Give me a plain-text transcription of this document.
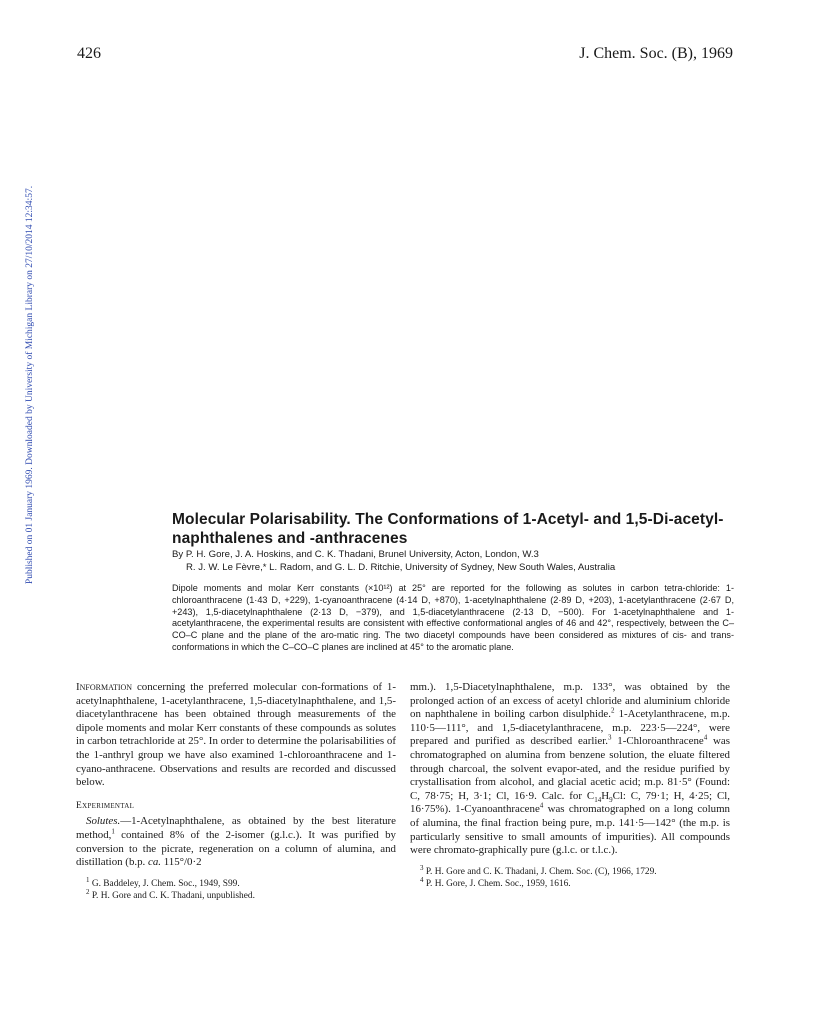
426	J. Chem. Soc. (B), 1969
Published on 01 January 1969. Downloaded by University of Michigan Library on 27/10/2014 12:34:57.	Molecular Polarisability. The Conformations of 1-Acetyl- and 1,5-Di-acetyl-naphthalenes and -anthracenes
By P. H. Gore, J. A. Hoskins, and C. K. Thadani, Brunel University, Acton, London, W.3
R. J. W. Le Fèvre,* L. Radom, and G. L. D. Ritchie, University of Sydney, New South Wales, Australia
Dipole moments and molar Kerr constants (×10¹²) at 25° are reported for the following as solutes in carbon tetra-chloride: 1-chloroanthracene (1·43 D, +229), 1-cyanoanthracene (4·14 D, +870), 1-acetylnaphthalene (2·89 D, +203), 1-acetylanthracene (2·67 D, +243), 1,5-diacetylnaphthalene (2·13 D, −379), and 1,5-diacetylanthracene (2·13 D, −500). For 1-acetylnaphthalene and 1-acetylanthracene, the experimental results are consistent with effective conformational angles of 46 and 42°, respectively, between the C–CO–C plane and the plane of the aro-matic ring. The two diacetyl compounds have been considered as mixtures of cis- and trans-conformations in which the C–CO–C planes are inclined at 45° to the aromatic plane.

Information concerning the preferred molecular con-formations of 1-acetylnaphthalene, 1-acetylanthracene, 1,5-diacetylnaphthalene, and 1,5-diacetylanthracene has been obtained through measurements of the dipole moments and molar Kerr constants of these compounds as solutes in carbon tetrachloride at 25°. In order to determine the polarisabilities of the 1-anthryl group we have also examined 1-chloroanthracene and 1-cyano-anthracene. Observations and results are recorded and discussed below.

Experimental

Solutes.—1-Acetylnaphthalene, as obtained by the best literature method,$^1$ contained 8% of the 2-isomer (g.l.c.). It was purified by conversion to the picrate, regeneration on a column of alumina, and distillation (b.p. ca. 115°/0·2

$^1$ G. Baddeley, J. Chem. Soc., 1949, S99.
$^2$ P. H. Gore and C. K. Thadani, unpublished.

mm.). 1,5-Diacetylnaphthalene, m.p. 133°, was obtained by the prolonged action of an excess of acetyl chloride and aluminium chloride on naphthalene in boiling carbon disulphide.$^2$ 1-Acetylanthracene, m.p. 110·5—111°, and 1,5-diacetylanthracene, m.p. 223·5—224°, were prepared and purified as described earlier.$^3$ 1-Chloroanthracene$^4$ was chromatographed on alumina from benzene solution, the eluate filtered through charcoal, the solvent evapor-ated, and the residue purified by crystallisation from alcohol, and glacial acetic acid; m.p. 81·5° (Found: C, 78·75; H, 3·1; Cl, 16·9. Calc. for $C_{14}H_9Cl$: C, 79·1; H, 4·25; Cl, 16·75%). 1-Cyanoanthracene$^4$ was chromatographed on a long column of alumina, the final fraction being pure, m.p. 141·5—142° (the m.p. is particularly sensitive to small amounts of impurities). All compounds were chromato-graphically pure (g.l.c. or t.l.c.).

$^3$ P. H. Gore and C. K. Thadani, J. Chem. Soc. (C), 1966, 1729.
$^4$ P. H. Gore, J. Chem. Soc., 1959, 1616.
